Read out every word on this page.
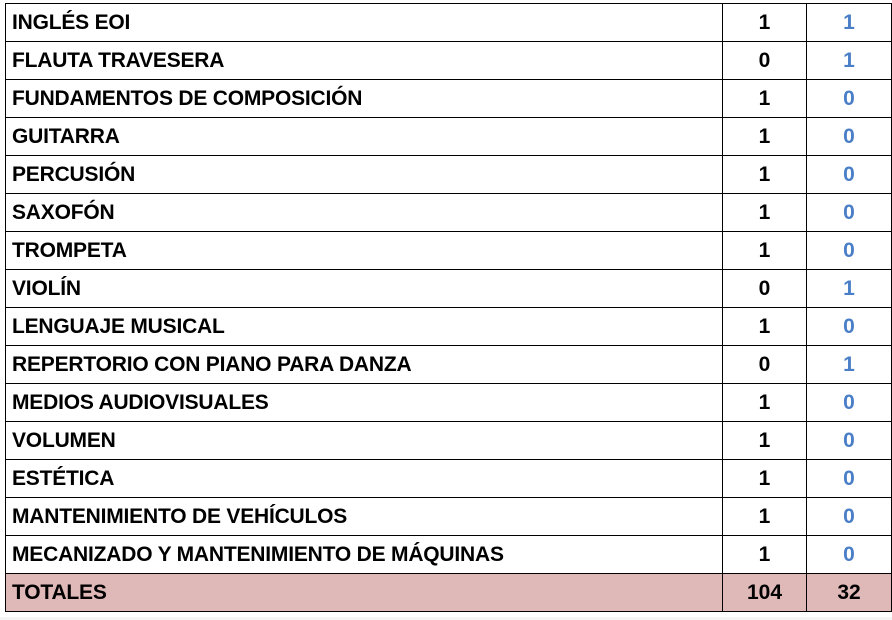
INGLÉS EOI	1	1
FLAUTA TRAVESERA	0	1
FUNDAMENTOS DE COMPOSICIÓN	1	0
GUITARRA	1	0
PERCUSIÓN	1	0
SAXOFÓN	1	0
TROMPETA	1	0
VIOLÍN	0	1
LENGUAJE MUSICAL	1	0
REPERTORIO CON PIANO PARA DANZA	0	1
MEDIOS AUDIOVISUALES	1	0
VOLUMEN	1	0
ESTÉTICA	1	0
MANTENIMIENTO DE VEHÍCULOS	1	0
MECANIZADO Y MANTENIMIENTO DE MÁQUINAS	1	0
TOTALES	104	32
